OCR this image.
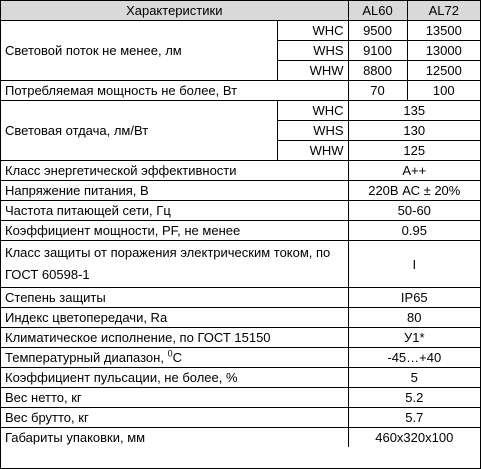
Характеристики		AL60	AL72
Световой поток не менее, лм	WHC	9500	13500
	WHS	9100	13000
	WHW	8800	12500
Потребляемая мощность не более, Вт		70	100
Световая отдача, лм/Вт	WHC	135	
	WHS	130	
	WHW	125	
Класс энергетической эффективности		A++	
Напряжение питания, В		220В АС ± 20%	
Частота питающей сети, Гц		50-60	
Коэффициент мощности, PF, не менее		0.95	
Класс защиты от поражения электрическим током, по ГОСТ 60598-1		I	
Степень защиты		IP65	
Индекс цветопередачи, Ra		80	
Климатическое исполнение, по ГОСТ 15150		У1*	
Температурный диапазон, $^0$С		-45…+40	
Коэффициент пульсации, не более, %		5	
Вес нетто, кг		5.2	
Вес брутто, кг		5.7	
Габариты упаковки, мм		460x320x100	
